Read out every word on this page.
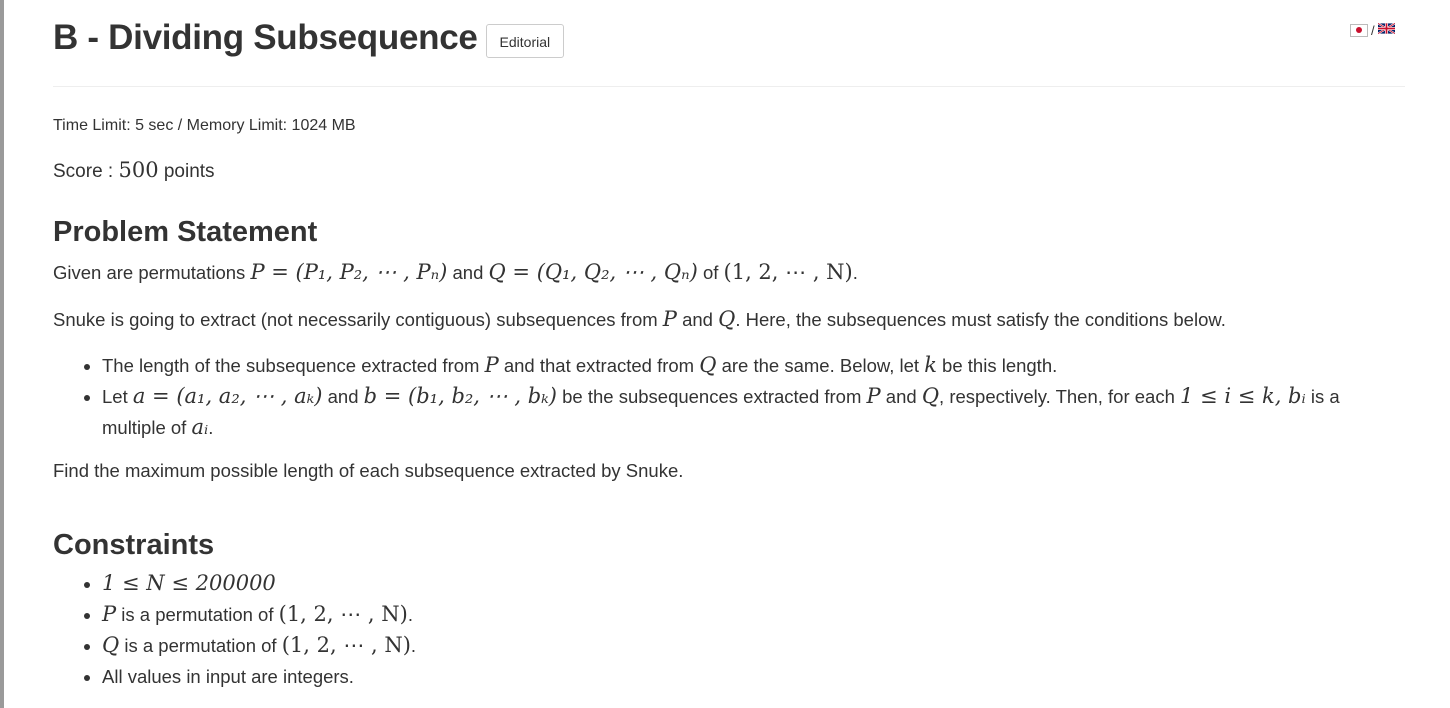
B - Dividing Subsequence	Editorial
/
Time Limit: 5 sec / Memory Limit: 1024 MB
Score : 500 points
Problem Statement
Given are permutations P = (P₁, P₂, ⋯ , Pₙ) and Q = (Q₁, Q₂, ⋯ , Qₙ) of (1, 2, ⋯ , N).
Snuke is going to extract (not necessarily contiguous) subsequences from P and Q. Here, the subsequences must satisfy the conditions below.
• The length of the subsequence extracted from P and that extracted from Q are the same. Below, let k be this length.
• Let a = (a₁, a₂, ⋯ , aₖ) and b = (b₁, b₂, ⋯ , bₖ) be the subsequences extracted from P and Q, respectively. Then, for each 1 ≤ i ≤ k, bᵢ is a
multiple of aᵢ.
Find the maximum possible length of each subsequence extracted by Snuke.
Constraints
• 1 ≤ N ≤ 200000
• P is a permutation of (1, 2, ⋯ , N).
• Q is a permutation of (1, 2, ⋯ , N).
• All values in input are integers.
